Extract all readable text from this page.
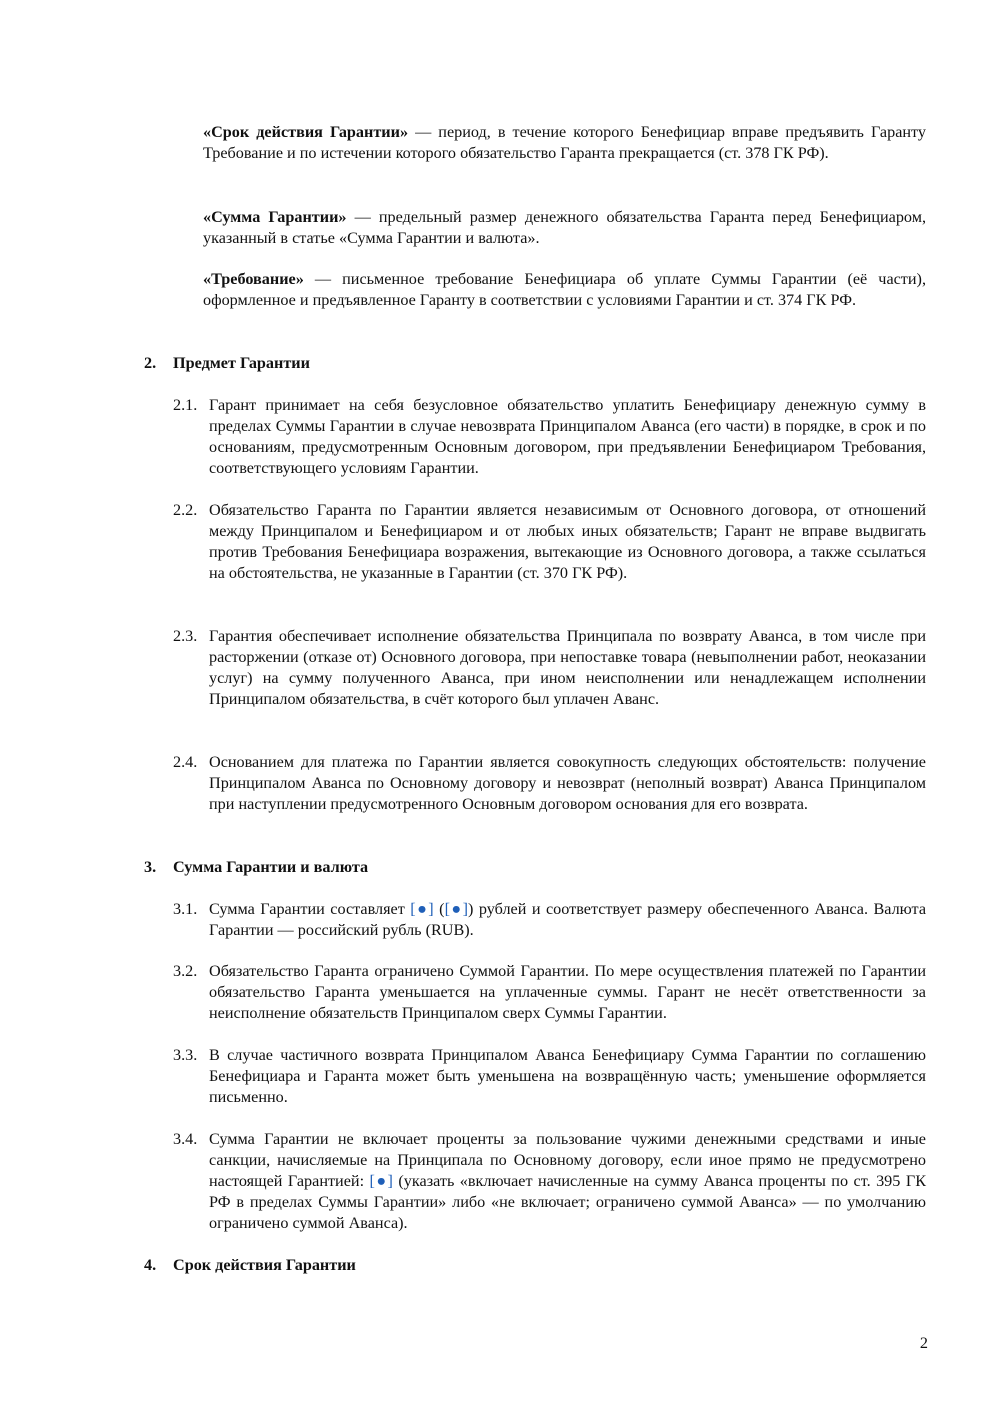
«Срок действия Гарантии» — период, в течение которого Бенефициар вправе предъявить Гаранту Требование и по истечении которого обязательство Гаранта прекращается (ст. 378 ГК РФ).
«Сумма Гарантии» — предельный размер денежного обязательства Гаранта перед Бенефициаром, указанный в статье «Сумма Гарантии и валюта».
«Требование» — письменное требование Бенефициара об уплате Суммы Гарантии (её части), оформленное и предъявленное Гаранту в соответствии с условиями Гарантии и ст. 374 ГК РФ.
2. Предмет Гарантии
2.1. Гарант принимает на себя безусловное обязательство уплатить Бенефициару денежную сумму в пределах Суммы Гарантии в случае невозврата Принципалом Аванса (его части) в порядке, в срок и по основаниям, предусмотренным Основным договором, при предъявлении Бенефициаром Требования, соответствующего условиям Гарантии.
2.2. Обязательство Гаранта по Гарантии является независимым от Основного договора, от отношений между Принципалом и Бенефициаром и от любых иных обязательств; Гарант не вправе выдвигать против Требования Бенефициара возражения, вытекающие из Основного договора, а также ссылаться на обстоятельства, не указанные в Гарантии (ст. 370 ГК РФ).
2.3. Гарантия обеспечивает исполнение обязательства Принципала по возврату Аванса, в том числе при расторжении (отказе от) Основного договора, при непоставке товара (невыполнении работ, неоказании услуг) на сумму полученного Аванса, при ином неисполнении или ненадлежащем исполнении Принципалом обязательства, в счёт которого был уплачен Аванс.
2.4. Основанием для платежа по Гарантии является совокупность следующих обстоятельств: получение Принципалом Аванса по Основному договору и невозврат (неполный возврат) Аванса Принципалом при наступлении предусмотренного Основным договором основания для его возврата.
3. Сумма Гарантии и валюта
3.1. Сумма Гарантии составляет [●] ([●]) рублей и соответствует размеру обеспеченного Аванса. Валюта Гарантии — российский рубль (RUB).
3.2. Обязательство Гаранта ограничено Суммой Гарантии. По мере осуществления платежей по Гарантии обязательство Гаранта уменьшается на уплаченные суммы. Гарант не несёт ответственности за неисполнение обязательств Принципалом сверх Суммы Гарантии.
3.3. В случае частичного возврата Принципалом Аванса Бенефициару Сумма Гарантии по соглашению Бенефициара и Гаранта может быть уменьшена на возвращённую часть; уменьшение оформляется письменно.
3.4. Сумма Гарантии не включает проценты за пользование чужими денежными средствами и иные санкции, начисляемые на Принципала по Основному договору, если иное прямо не предусмотрено настоящей Гарантией: [●] (указать «включает начисленные на сумму Аванса проценты по ст. 395 ГК РФ в пределах Суммы Гарантии» либо «не включает; ограничено суммой Аванса» — по умолчанию ограничено суммой Аванса).
4. Срок действия Гарантии
2
